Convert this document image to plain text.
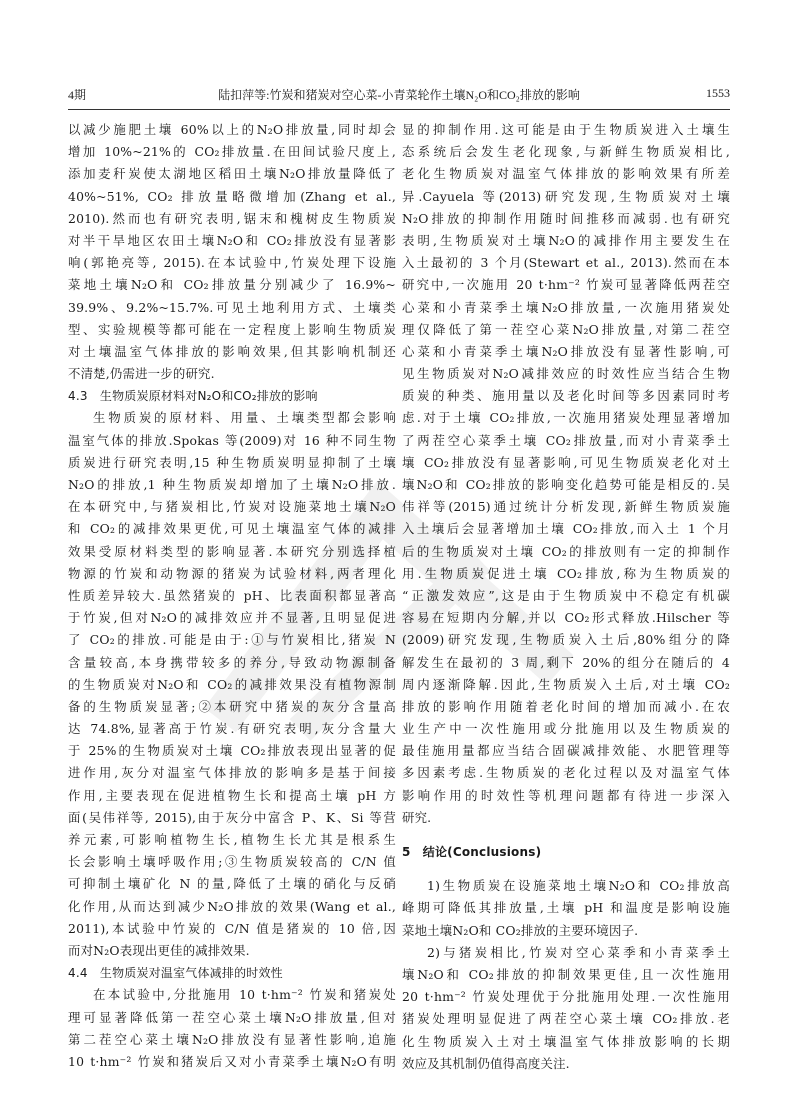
4期	陆扣萍等:竹炭和猪炭对空心菜-小青菜轮作土壤N₂O和CO₂排放的影响	1553
以减少施肥土壤 60%以上的N₂O排放量,同时却会
增加 10%~21%的 CO₂排放量.在田间试验尺度上,
添加麦秆炭使太湖地区稻田土壤N₂O排放量降低了
40%~51%, CO₂ 排放量略微增加(Zhang et al.,
2010).然而也有研究表明,锯末和槐树皮生物质炭
对半干旱地区农田土壤N₂O和 CO₂排放没有显著影
响(郭艳亮等, 2015).在本试验中,竹炭处理下设施
菜地土壤N₂O和 CO₂排放量分别减少了 16.9%~
39.9%、9.2%~15.7%.可见土地利用方式、土壤类
型、实验规模等都可能在一定程度上影响生物质炭
对土壤温室气体排放的影响效果,但其影响机制还
不清楚,仍需进一步的研究.
4.3　生物质炭原材料对N₂O和CO₂排放的影响
生物质炭的原材料、用量、土壤类型都会影响
温室气体的排放.Spokas 等(2009)对 16 种不同生物
质炭进行研究表明,15 种生物质炭明显抑制了土壤
N₂O的排放,1 种生物质炭却增加了土壤N₂O排放.
在本研究中,与猪炭相比,竹炭对设施菜地土壤N₂O
和 CO₂的减排效果更优,可见土壤温室气体的减排
效果受原材料类型的影响显著.本研究分别选择植
物源的竹炭和动物源的猪炭为试验材料,两者理化
性质差异较大.虽然猪炭的 pH、比表面积都显著高
于竹炭,但对N₂O的减排效应并不显著,且明显促进
了 CO₂的排放.可能是由于:①与竹炭相比,猪炭 N
含量较高,本身携带较多的养分,导致动物源制备
的生物质炭对N₂O和 CO₂的减排效果没有植物源制
备的生物质炭显著;②本研究中猪炭的灰分含量高
达 74.8%,显著高于竹炭.有研究表明,灰分含量大
于 25%的生物质炭对土壤 CO₂排放表现出显著的促
进作用,灰分对温室气体排放的影响多是基于间接
作用,主要表现在促进植物生长和提高土壤 pH 方
面(吴伟祥等, 2015),由于灰分中富含 P、K、Si 等营
养元素,可影响植物生长,植物生长尤其是根系生
长会影响土壤呼吸作用;③生物质炭较高的 C/N 值
可抑制土壤矿化 N 的量,降低了土壤的硝化与反硝
化作用,从而达到减少N₂O排放的效果(Wang et al.,
2011),本试验中竹炭的 C/N 值是猪炭的 10 倍,因
而对N₂O表现出更佳的减排效果.
4.4　生物质炭对温室气体减排的时效性
在本试验中,分批施用 10 t·hm⁻² 竹炭和猪炭处
理可显著降低第一茬空心菜土壤N₂O排放量,但对
第二茬空心菜土壤N₂O排放没有显著性影响,追施
10 t·hm⁻² 竹炭和猪炭后又对小青菜季土壤N₂O有明
显的抑制作用.这可能是由于生物质炭进入土壤生
态系统后会发生老化现象,与新鲜生物质炭相比,
老化生物质炭对温室气体排放的影响效果有所差
异.Cayuela 等(2013)研究发现,生物质炭对土壤
N₂O排放的抑制作用随时间推移而减弱.也有研究
表明,生物质炭对土壤N₂O的减排作用主要发生在
入土最初的 3 个月(Stewart et al., 2013).然而在本
研究中,一次施用 20 t·hm⁻² 竹炭可显著降低两茬空
心菜和小青菜季土壤N₂O排放量,一次施用猪炭处
理仅降低了第一茬空心菜N₂O排放量,对第二茬空
心菜和小青菜季土壤N₂O排放没有显著性影响,可
见生物质炭对N₂O减排效应的时效性应当结合生物
质炭的种类、施用量以及老化时间等多因素同时考
虑.对于土壤 CO₂排放,一次施用猪炭处理显著增加
了两茬空心菜季土壤 CO₂排放量,而对小青菜季土
壤 CO₂排放没有显著影响,可见生物质炭老化对土
壤N₂O和 CO₂排放的影响变化趋势可能是相反的.吴
伟祥等(2015)通过统计分析发现,新鲜生物质炭施
入土壤后会显著增加土壤 CO₂排放,而入土 1 个月
后的生物质炭对土壤 CO₂的排放则有一定的抑制作
用.生物质炭促进土壤 CO₂排放,称为生物质炭的
“正激发效应”,这是由于生物质炭中不稳定有机碳
容易在短期内分解,并以 CO₂形式释放.Hilscher 等
(2009)研究发现,生物质炭入土后,80%组分的降
解发生在最初的 3 周,剩下 20%的组分在随后的 4
周内逐渐降解.因此,生物质炭入土后,对土壤 CO₂
排放的影响作用随着老化时间的增加而减小.在农
业生产中一次性施用或分批施用以及生物质炭的
最佳施用量都应当结合固碳减排效能、水肥管理等
多因素考虑.生物质炭的老化过程以及对温室气体
影响作用的时效性等机理问题都有待进一步深入
研究.
5　结论(Conclusions)
1)生物质炭在设施菜地土壤N₂O和 CO₂排放高
峰期可降低其排放量,土壤 pH 和温度是影响设施
菜地土壤N₂O和 CO₂排放的主要环境因子.
2)与猪炭相比,竹炭对空心菜季和小青菜季土
壤N₂O和 CO₂排放的抑制效果更佳,且一次性施用
20 t·hm⁻² 竹炭处理优于分批施用处理.一次性施用
猪炭处理明显促进了两茬空心菜土壤 CO₂排放.老
化生物质炭入土对土壤温室气体排放影响的长期
效应及其机制仍值得高度关注.
